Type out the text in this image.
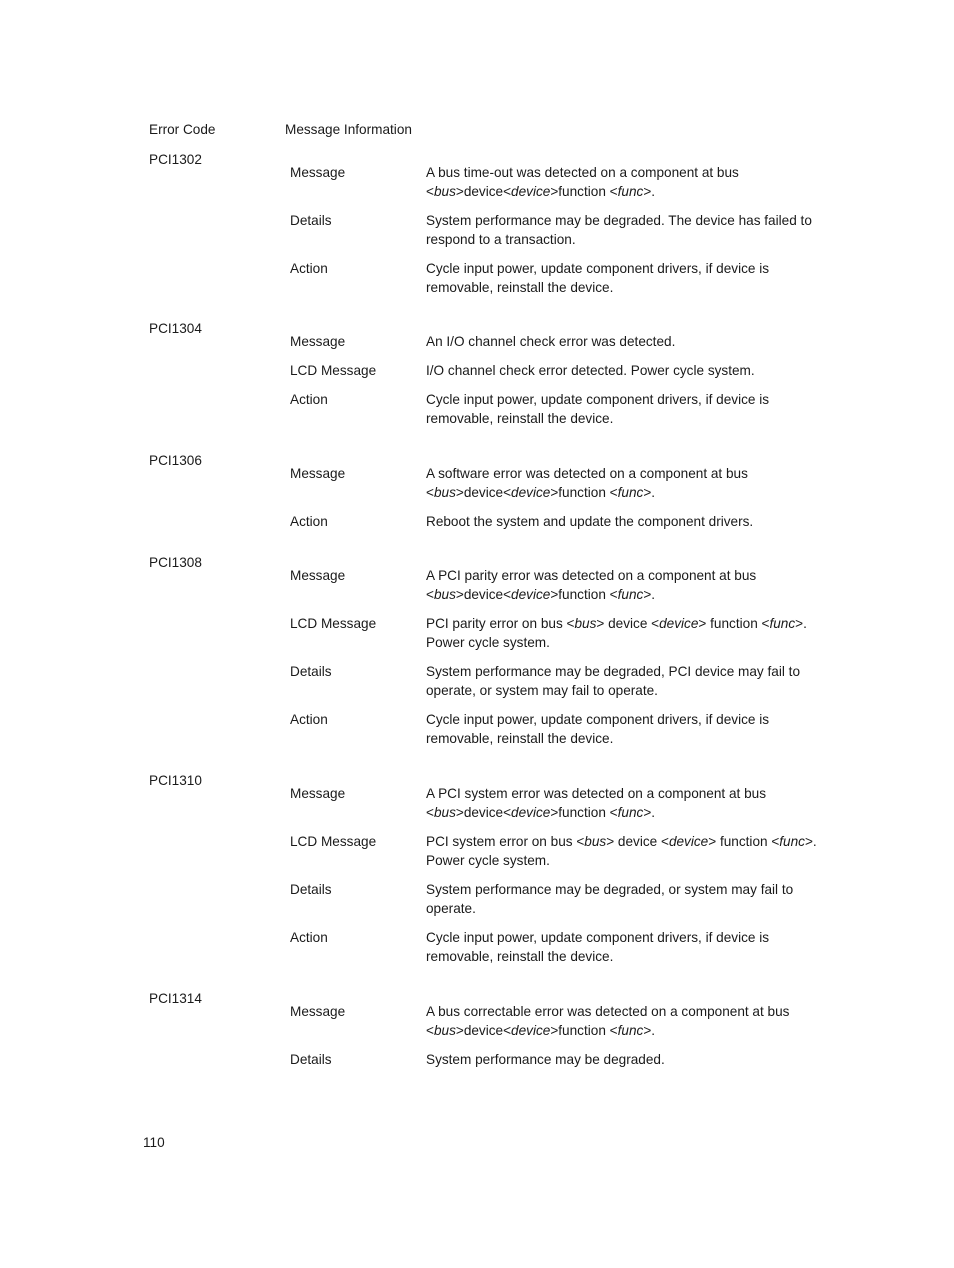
Error Code	Message Information
PCI1302
Message	A bus time-out was detected on a component at bus <bus>device<device>function <func>.
Details	System performance may be degraded. The device has failed to respond to a transaction.
Action	Cycle input power, update component drivers, if device is removable, reinstall the device.
PCI1304
Message	An I/O channel check error was detected.
LCD Message	I/O channel check error detected. Power cycle system.
Action	Cycle input power, update component drivers, if device is removable, reinstall the device.
PCI1306
Message	A software error was detected on a component at bus <bus>device<device>function <func>.
Action	Reboot the system and update the component drivers.
PCI1308
Message	A PCI parity error was detected on a component at bus <bus>device<device>function <func>.
LCD Message	PCI parity error on bus <bus> device <device> function <func>. Power cycle system.
Details	System performance may be degraded, PCI device may fail to operate, or system may fail to operate.
Action	Cycle input power, update component drivers, if device is removable, reinstall the device.
PCI1310
Message	A PCI system error was detected on a component at bus <bus>device<device>function <func>.
LCD Message	PCI system error on bus <bus> device <device> function <func>. Power cycle system.
Details	System performance may be degraded, or system may fail to operate.
Action	Cycle input power, update component drivers, if device is removable, reinstall the device.
PCI1314
Message	A bus correctable error was detected on a component at bus <bus>device<device>function <func>.
Details	System performance may be degraded.
110
